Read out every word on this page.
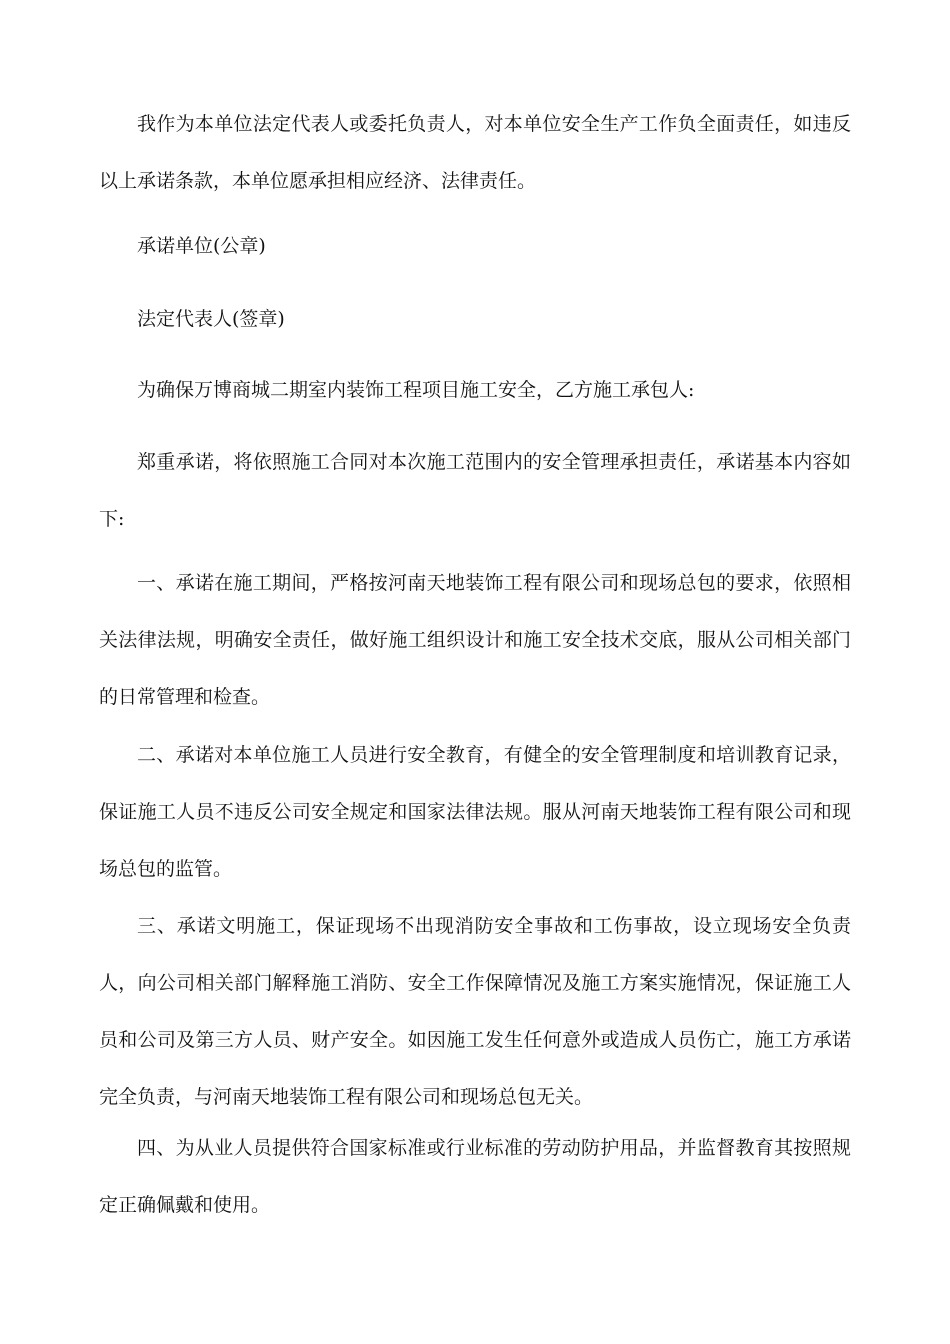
我作为本单位法定代表人或委托负责人，对本单位安全生产工作负全面责任，如违反以上承诺条款，本单位愿承担相应经济、法律责任。

承诺单位(公章)

法定代表人(签章)

为确保万博商城二期室内装饰工程项目施工安全，乙方施工承包人:

郑重承诺，将依照施工合同对本次施工范围内的安全管理承担责任，承诺基本内容如下:

一、承诺在施工期间，严格按河南天地装饰工程有限公司和现场总包的要求，依照相关法律法规，明确安全责任，做好施工组织设计和施工安全技术交底，服从公司相关部门的日常管理和检查。

二、承诺对本单位施工人员进行安全教育，有健全的安全管理制度和培训教育记录，保证施工人员不违反公司安全规定和国家法律法规。服从河南天地装饰工程有限公司和现场总包的监管。

三、承诺文明施工，保证现场不出现消防安全事故和工伤事故，设立现场安全负责人，向公司相关部门解释施工消防、安全工作保障情况及施工方案实施情况，保证施工人员和公司及第三方人员、财产安全。如因施工发生任何意外或造成人员伤亡，施工方承诺完全负责，与河南天地装饰工程有限公司和现场总包无关。

四、为从业人员提供符合国家标准或行业标准的劳动防护用品，并监督教育其按照规定正确佩戴和使用。
